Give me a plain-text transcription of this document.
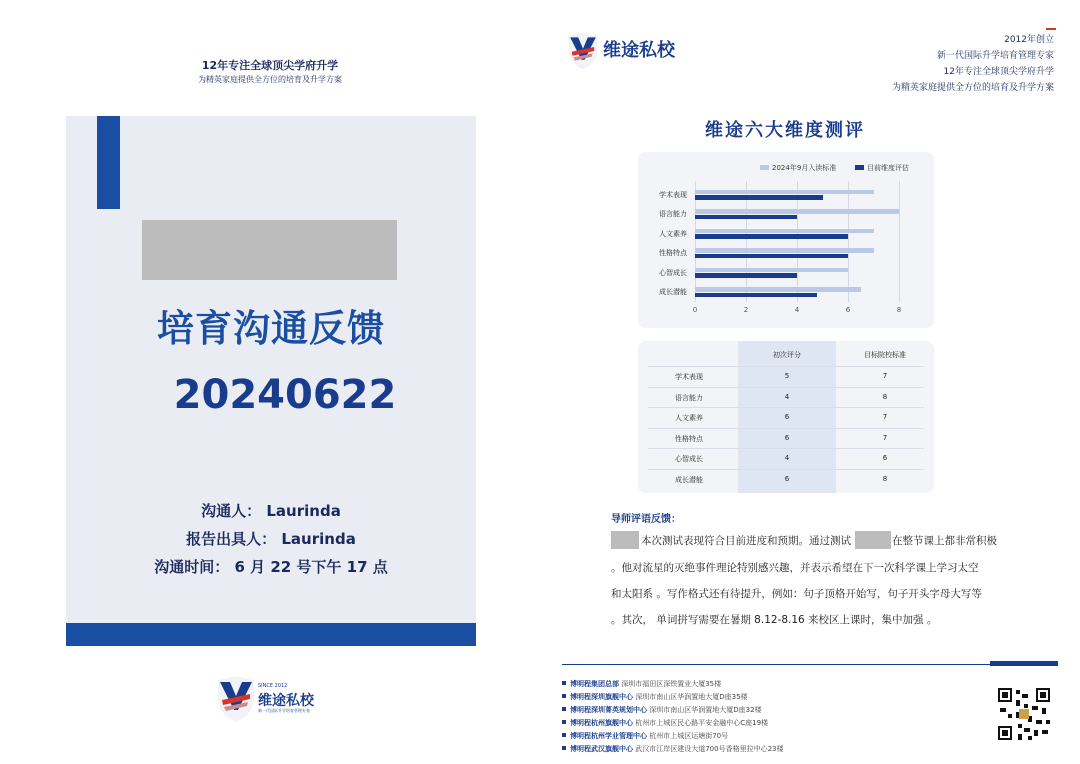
12年专注全球顶尖学府升学
为精英家庭提供全方位的培育及升学方案
培育沟通反馈
20240622
沟通人： Laurinda
报告出具人： Laurinda
沟通时间： 6 月 22 号下午 17 点
SINCE 2012
维途私校
新一代国际升学培育管理专家
维途私校	2012年创立
新一代国际升学培育管理专家
12年专注全球顶尖学府升学
为精英家庭提供全方位的培育及升学方案
维途六大维度测评
2024年9月入读标准	目前维度评估
0	2	4	6	8
学术表现
语言能力
人文素养
性格特点
心智成长
成长潜能
初次评分	目标院校标准
学术表现	5	7
语言能力	4	8
人文素养	6	7
性格特点	6	7
心智成长	4	6
成长潜能	6	8
导师评语反馈：
本次测试表现符合目前进度和预期。通过测试	在整节课上都非常积极
。他对流星的灭绝事件理论特别感兴趣，并表示希望在下一次科学课上学习太空
和太阳系 。写作格式还有待提升，例如：句子顶格开始写，句子开头字母大写等
。其次， 单词拼写需要在暑期 8.12-8.16 来校区上课时，集中加强 。
博明程集团总部 深圳市福田区深铁置业大厦35楼
博明程深圳旗舰中心 深圳市南山区华润置地大厦D座35楼
博明程深圳菁英规划中心 深圳市南山区华润置地大厦D座32楼
博明程杭州旗舰中心 杭州市上城区民心路平安金融中心C座19楼
博明程杭州学业管理中心 杭州市上城区运塘街70号
博明程武汉旗舰中心 武汉市江岸区建设大道700号香格里拉中心23楼
